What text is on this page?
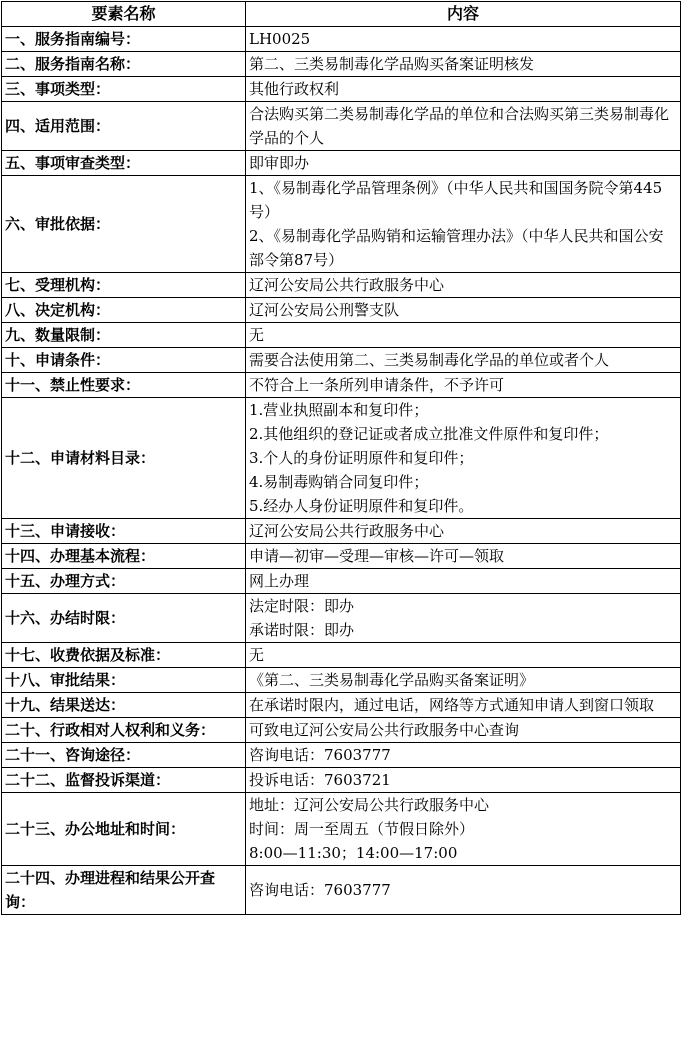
要素名称	内容
一、服务指南编号：	LH0025

二、服务指南名称：	第二、三类易制毒化学品购买备案证明核发

三、事项类型：	其他行政权利

四、适用范围：	合法购买第二类易制毒化学品的单位和合法购买第三类易制毒化学品的个人

五、事项审查类型：	即审即办

六、审批依据：	1、《易制毒化学品管理条例》（中华人民共和国国务院令第445号）
2、《易制毒化学品购销和运输管理办法》（中华人民共和国公安部令第87号）

七、受理机构：	辽河公安局公共行政服务中心

八、决定机构：	辽河公安局公刑警支队

九、数量限制：	无

十、申请条件：	需要合法使用第二、三类易制毒化学品的单位或者个人

十一、禁止性要求：	不符合上一条所列申请条件，不予许可

十二、申请材料目录：	1.营业执照副本和复印件；
2.其他组织的登记证或者成立批准文件原件和复印件；
3.个人的身份证明原件和复印件；
4.易制毒购销合同复印件；
5.经办人身份证明原件和复印件。

十三、申请接收：	辽河公安局公共行政服务中心

十四、办理基本流程：	申请—初审—受理—审核—许可—领取

十五、办理方式：	网上办理

十六、办结时限：	法定时限：即办
承诺时限：即办

十七、收费依据及标准：	无

十八、审批结果：	《第二、三类易制毒化学品购买备案证明》

十九、结果送达：	在承诺时限内，通过电话，网络等方式通知申请人到窗口领取

二十、行政相对人权利和义务：	可致电辽河公安局公共行政服务中心查询

二十一、咨询途径：	咨询电话：7603777

二十二、监督投诉渠道：	投诉电话：7603721

二十三、办公地址和时间：	地址：辽河公安局公共行政服务中心
时间：周一至周五（节假日除外）
8:00—11:30；14:00—17:00

二十四、办理进程和结果公开查询：	咨询电话：7603777
